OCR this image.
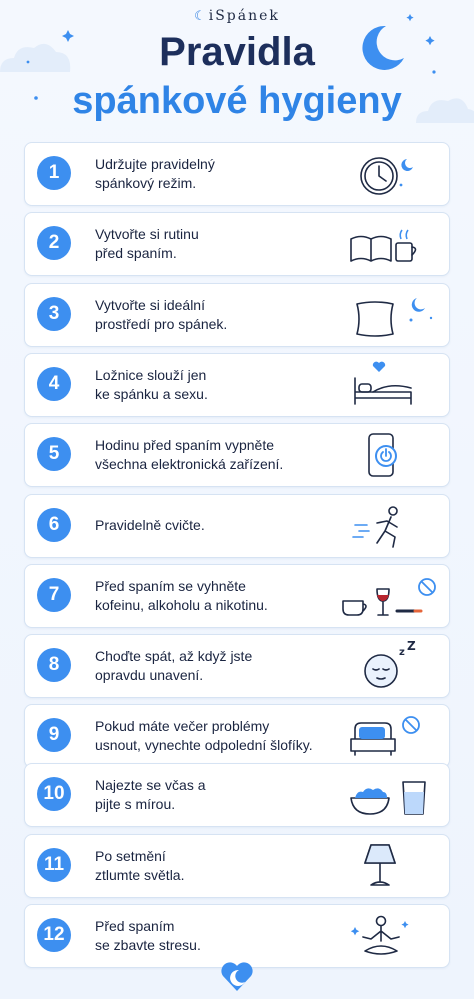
☾iSpánek
Pravidla
spánkové hygieny
1	Udržujte pravidelný
spánkový režim.
2	Vytvořte si rutinu
před spaním.
3	Vytvořte si ideální
prostředí pro spánek.
4	Ložnice slouží jen
ke spánku a sexu.
5	Hodinu před spaním vypněte
všechna elektronická zařízení.
6	Pravidelně cvičte.
7	Před spaním se vyhněte
kofeinu, alkoholu a nikotinu.
8	Choďte spát, až když jste
opravdu unavení.
z Z
9	Pokud máte večer problémy
usnout, vynechte odpolední šlofíky.
10	Najezte se včas a
pijte s mírou.
11	Po setmění
ztlumte světla.
12	Před spaním
se zbavte stresu.
